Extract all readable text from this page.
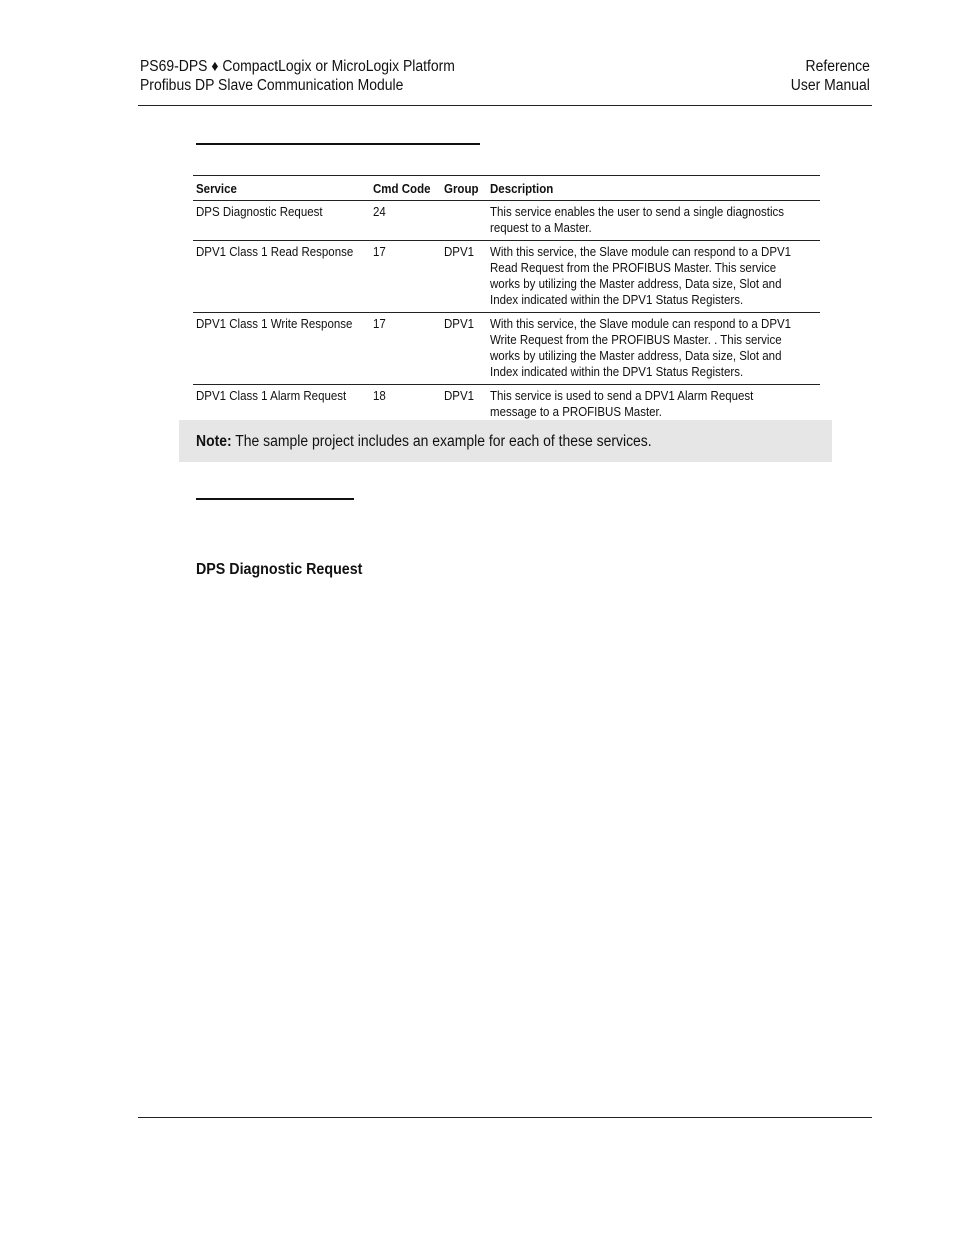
PS69-DPS ♦ CompactLogix or MicroLogix Platform
Profibus DP Slave Communication Module
Reference
User Manual
Service	Cmd Code	Group	Description
DPS Diagnostic Request	24		This service enables the user to send a single diagnostics
request to a Master.

DPV1 Class 1 Read Response	17	DPV1	With this service, the Slave module can respond to a DPV1
Read Request from the PROFIBUS Master. This service
works by utilizing the Master address, Data size, Slot and
Index indicated within the DPV1 Status Registers.

DPV1 Class 1 Write Response	17	DPV1	With this service, the Slave module can respond to a DPV1
Write Request from the PROFIBUS Master. . This service
works by utilizing the Master address, Data size, Slot and
Index indicated within the DPV1 Status Registers.

DPV1 Class 1 Alarm Request	18	DPV1	This service is used to send a DPV1 Alarm Request
message to a PROFIBUS Master.
Note: The sample project includes an example for each of these services.
DPS Diagnostic Request
